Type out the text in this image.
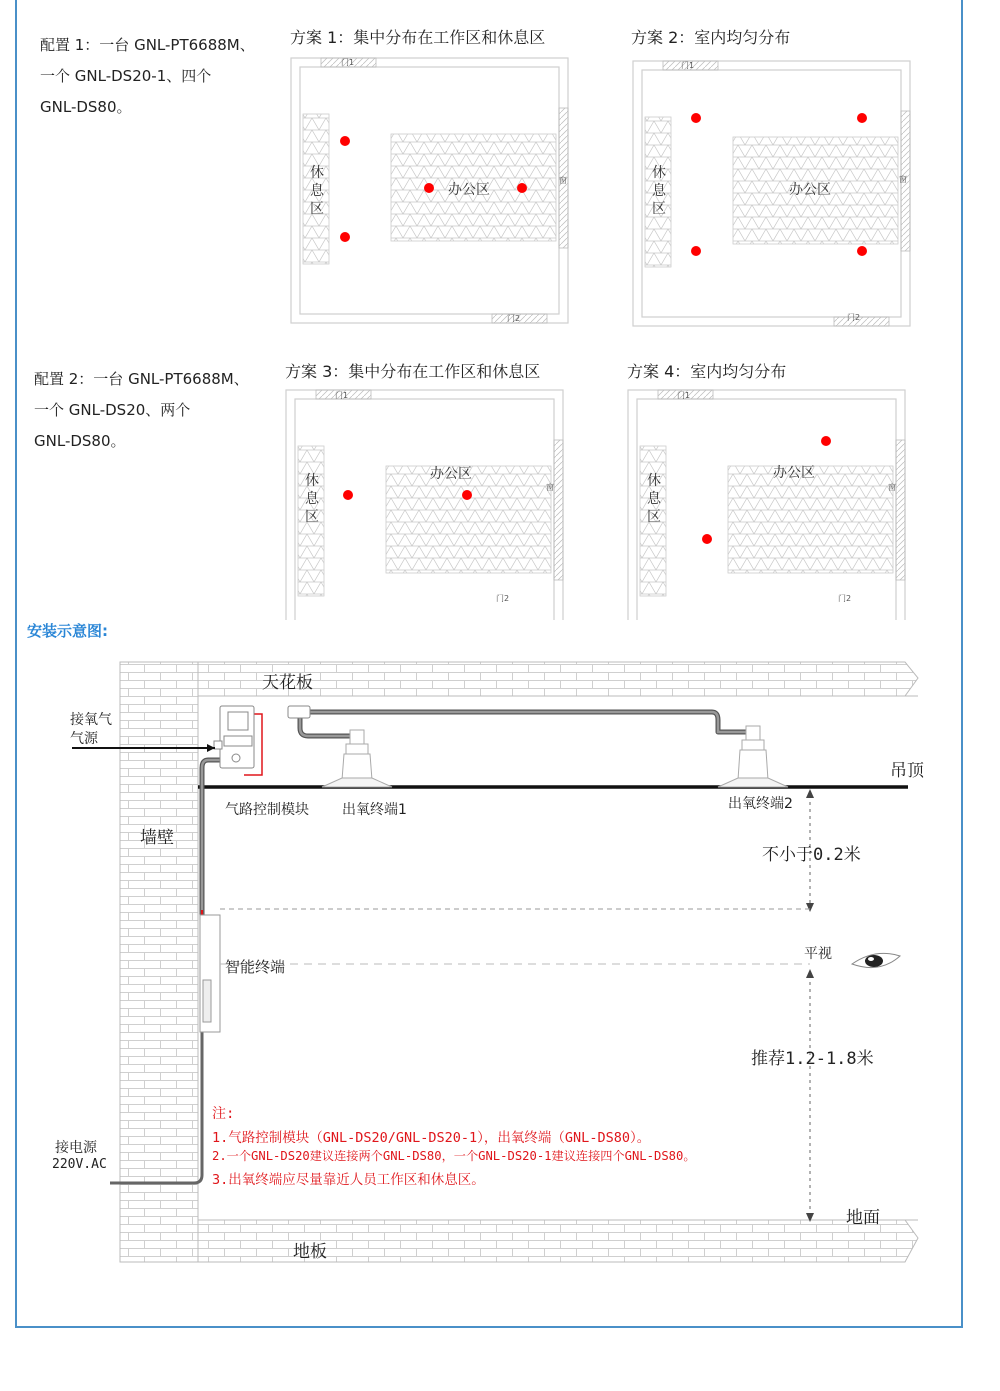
配置 1：一台 GNL-PT6688M、
一个 GNL-DS20-1、四个
GNL-DS80。
配置 2：一台 GNL-PT6688M、
一个 GNL-DS20、两个
GNL-DS80。
方案 1：集中分布在工作区和休息区	方案 2：室内均匀分布
方案 3：集中分布在工作区和休息区	方案 4：室内均匀分布
门1
门2
窗
休
息
区
办公区
门1
门2
窗
休
息
区
办公区
门1
门2
窗
休
息
区
办公区
门1
门2
窗
休
息
区
办公区
安装示意图:
天花板
吊顶
墙壁
地板
地面
接氧气
气源
气路控制模块 出氧终端1	出氧终端2
不小于0.2米
平视
智能终端
推荐1.2-1.8米
接电源
220V.AC
注:
1.气路控制模块（GNL-DS20/GNL-DS20-1），出氧终端（GNL-DS80）。
2.一个GNL-DS20建议连接两个GNL-DS80，一个GNL-DS20-1建议连接四个GNL-DS80。
3.出氧终端应尽量靠近人员工作区和休息区。
